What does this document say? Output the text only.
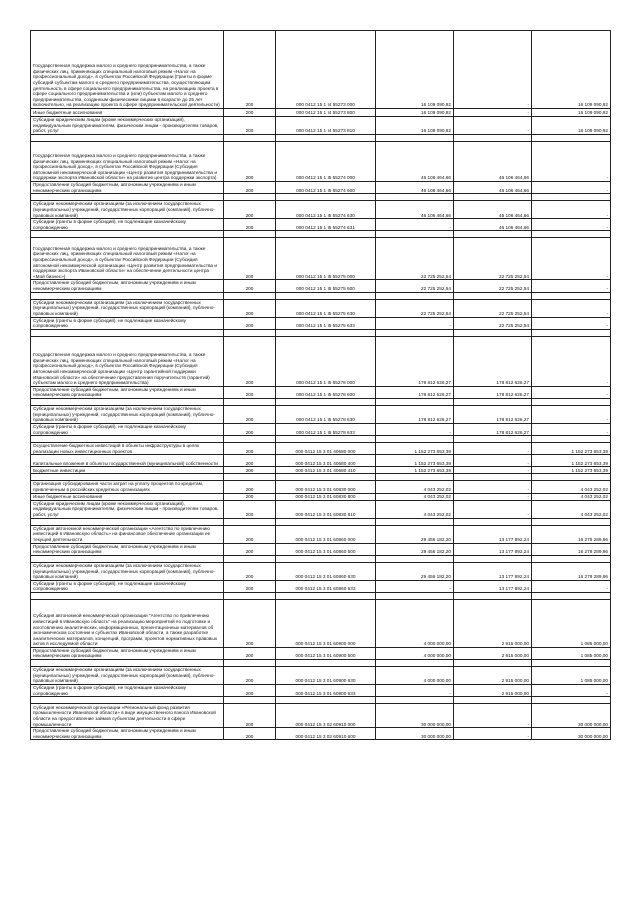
Государственная поддержка малого и среднего предпринимательства, а также физических лиц, применяющих специальный налоговый режим «Налог на профессиональный доход», в субъектах Российской Федерации (Гранты в форме субсидий субъектам малого и среднего предпринимательства, осуществляющим деятельность в сфере социального предпринимательства, на реализацию проекта в сфере социального предпринимательства и (или) субъектам малого и среднего предпринимательства, созданным физическими лицами в возрасте до 25 лет включительно, на реализацию проекта в сфере предпринимательской деятельности)	200	000 0412 15 1 I4 55273 000	16 109 090,92	-	16 109 090,92
Иные бюджетные ассигнования	200	000 0412 15 1 I4 55273 800	16 109 090,92	-	16 109 090,92
Субсидии юридическим лицам (кроме некоммерческих организаций), индивидуальным предпринимателям, физическим лицам - производителям товаров, работ, услуг	200	000 0412 15 1 I4 55273 810	16 109 090,92	-	16 109 090,92

Государственная поддержка малого и среднего предпринимательства, а также физических лиц, применяющих специальный налоговый режим «Налог на профессиональный доход», в субъектах Российской Федерации (Субсидия автономной некоммерческой организации «Центр развития предпринимательства и поддержки экспорта Ивановской области» на развитие центра поддержки экспорта)	200	000 0412 15 1 I5 55274 000	46 106 464,66	46 106 464,66	-
Предоставление субсидий бюджетным, автономным учреждениям и иным некоммерческим организациям	200	000 0412 15 1 I5 55274 600	46 106 464,66	46 106 464,66	-

Субсидии некоммерческим организациям (за исключением государственных (муниципальных) учреждений, государственных корпораций (компаний), публично-правовых компаний)	200	000 0412 15 1 I5 55274 630	46 106 464,66	46 106 464,66	-
Субсидии (гранты в форме субсидий), не подлежащие казначейскому сопровождению	200	000 0412 15 1 I5 55274 631	-	46 106 464,66	-

Государственная поддержка малого и среднего предпринимательства, а также физических лиц, применяющих специальный налоговый режим «Налог на профессиональный доход», в субъектах Российской Федерации (Субсидия автономной некоммерческой организации «Центр развития предпринимательства и поддержки экспорта Ивановской области» на обеспечение деятельности центра «Мой бизнес»)	200	000 0412 15 1 I5 55275 000	22 725 252,54	22 725 252,54	-
Предоставление субсидий бюджетным, автономным учреждениям и иным некоммерческим организациям	200	000 0412 15 1 I5 55275 600	22 725 252,54	22 725 252,54	-

Субсидии некоммерческим организациям (за исключением государственных (муниципальных) учреждений, государственных корпораций (компаний), публично-правовых компаний)	200	000 0412 15 1 I5 55275 630	22 725 252,54	22 725 252,54	-
Субсидии (гранты в форме субсидий), не подлежащие казначейскому сопровождению	200	000 0412 15 1 I5 55275 633	-	22 725 252,54	-

Государственная поддержка малого и среднего предпринимательства, а также физических лиц, применяющих специальный налоговый режим «Налог на профессиональный доход», в субъектах Российской Федерации (Субсидия автономной некоммерческой организации «Центр гарантийной поддержки Ивановской области» на обеспечение предоставления поручительств (гарантий) субъектам малого и среднего предпринимательства)	200	000 0412 15 1 I5 55278 000	178 812 626,27	178 812 626,27	-
Предоставление субсидий бюджетным, автономным учреждениям и иным некоммерческим организациям	200	000 0412 15 1 I5 55278 600	178 812 626,27	178 812 626,27	-

Субсидии некоммерческим организациям (за исключением государственных (муниципальных) учреждений, государственных корпораций (компаний), публично-правовых компаний)	200	000 0412 15 1 I5 55278 630	178 812 626,27	178 812 626,27	-
Субсидии (гранты в форме субсидий), не подлежащие казначейскому сопровождению	200	000 0412 15 1 I5 55278 633	-	178 812 626,27	-

Осуществление бюджетных инвестиций в объекты инфраструктуры в целях реализации новых инвестиционных проектов	200	000 0412 15 3 01 40680 000	1 152 273 653,39	-	1 152 273 653,39
Капитальные вложения в объекты государственной (муниципальной) собственности	200	000 0412 15 3 01 40680 400	1 152 273 653,39	-	1 152 273 653,39
Бюджетные инвестиции	200	000 0412 15 3 01 40680 410	1 152 273 653,39	-	1 152 273 653,39

Организация субсидирования части затрат на уплату процентов по кредитам, привлеченным в российских кредитных организациях	200	000 0412 15 3 01 60830 000	4 043 252,02	-	4 043 252,02
Иные бюджетные ассигнования	200	000 0412 15 3 01 60830 800	4 043 252,02	-	4 043 252,02
Субсидии юридическим лицам (кроме некоммерческих организаций), индивидуальным предпринимателям, физическим лицам - производителям товаров, работ, услуг	200	000 0412 15 3 01 60830 810	4 043 252,02	-	4 043 252,02

Субсидия автономной некоммерческой организации «Агентство по привлечению инвестиций в Ивановскую область» на финансовое обеспечение организации ее текущей деятельности	200	000 0412 15 3 01 60860 000	29 456 182,20	13 177 892,24	16 278 289,96
Предоставление субсидий бюджетным, автономным учреждениям и иным некоммерческим организациям	200	000 0412 15 3 01 60860 600	29 456 182,20	13 177 892,24	16 278 289,96

Субсидии некоммерческим организациям (за исключением государственных (муниципальных) учреждений, государственных корпораций (компаний), публично-правовых компаний)	200	000 0412 15 3 01 60860 630	29 456 182,20	13 177 892,24	16 278 289,96
Субсидии (гранты в форме субсидий), не подлежащие казначейскому сопровождению	200	000 0412 15 3 01 60860 633	-	13 177 892,24	-

Субсидия автономной некоммерческой организации "Агентство по привлечению инвестиций в Ивановскую область" на реализацию мероприятий по подготовке и изготовлению аналитических, информационных, презентационных материалов об экономическом состоянии и субъектах Ивановской области, а также разработке аналитических материалов, концепций, программ, проектов нормативных правовых актов в исследуемой области	200	000 0412 15 3 01 60900 000	4 000 000,00	2 915 000,00	1 085 000,00
Предоставление субсидий бюджетным, автономным учреждениям и иным некоммерческим организациям	200	000 0412 15 3 01 60900 600	4 000 000,00	2 915 000,00	1 085 000,00

Субсидии некоммерческим организациям (за исключением государственных (муниципальных) учреждений, государственных корпораций (компаний), публично-правовых компаний)	200	000 0412 15 3 01 60900 630	4 000 000,00	2 915 000,00	1 085 000,00
Субсидии (гранты в форме субсидий), не подлежащие казначейскому сопровождению	200	000 0412 15 3 01 60900 633	-	2 915 000,00	-

Субсидия некоммерческой организации «Региональный фонд развития промышленности Ивановской области» в виде имущественного взноса Ивановской области на предоставление займов субъектам деятельности в сфере промышленности	200	000 0412 15 3 02 60910 000	30 000 000,00	-	30 000 000,00
Предоставление субсидий бюджетным, автономным учреждениям и иным некоммерческим организациям	200	000 0412 15 3 02 60910 600	30 000 000,00	-	30 000 000,00
